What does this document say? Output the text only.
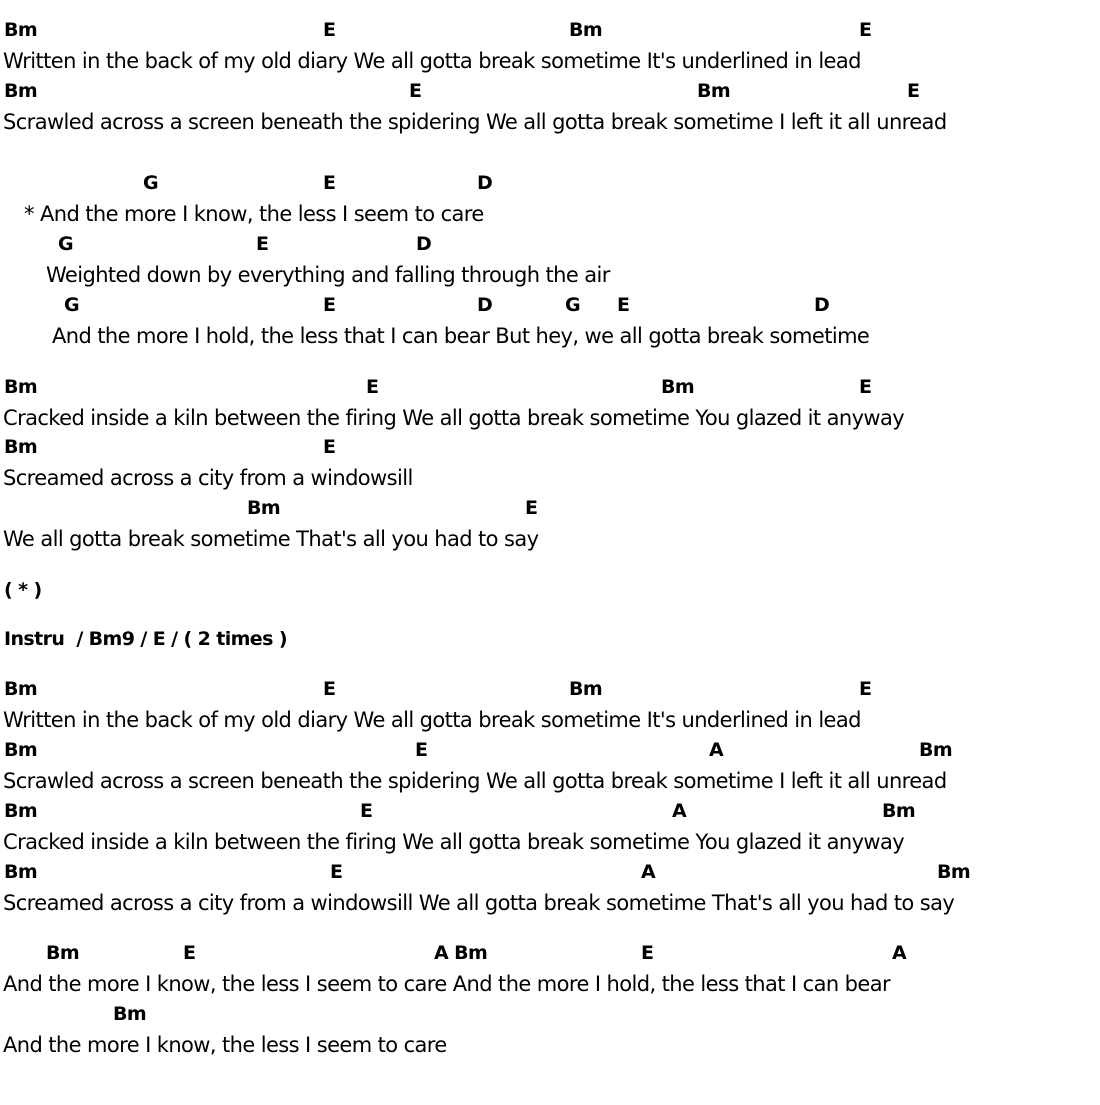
Bm

	E

	Bm

	E

Written in the back of my old diary We all gotta break sometime It's underlined in lead

Bm

	E

	Bm

	E

Scrawled across a screen beneath the spidering We all gotta break sometime I left it all unread

G

	E

	D

* And the more I know, the less I seem to care

G

	E

	D

Weighted down by everything and falling through the air

G

	E

	D

	G

E

	D

And the more I hold, the less that I can bear But hey, we all gotta break sometime

Bm

	E

	Bm

	E

Cracked inside a kiln between the firing We all gotta break sometime You glazed it anyway

Bm

	E

Screamed across a city from a windowsill

Bm

	E

We all gotta break sometime That's all you had to say

( * )

Instru  / Bm9 / E / ( 2 times )

Bm

	E

	Bm

	E

Written in the back of my old diary We all gotta break sometime It's underlined in lead

Bm

	E

	A

	Bm

Scrawled across a screen beneath the spidering We all gotta break sometime I left it all unread

Bm

	E

	A

	Bm

Cracked inside a kiln between the firing We all gotta break sometime You glazed it anyway

Bm

	E

	A

	Bm

Screamed across a city from a windowsill We all gotta break sometime That's all you had to say

Bm

	E

	A Bm

	E

	A

And the more I know, the less I seem to care And the more I hold, the less that I can bear

Bm

And the more I know, the less I seem to care
